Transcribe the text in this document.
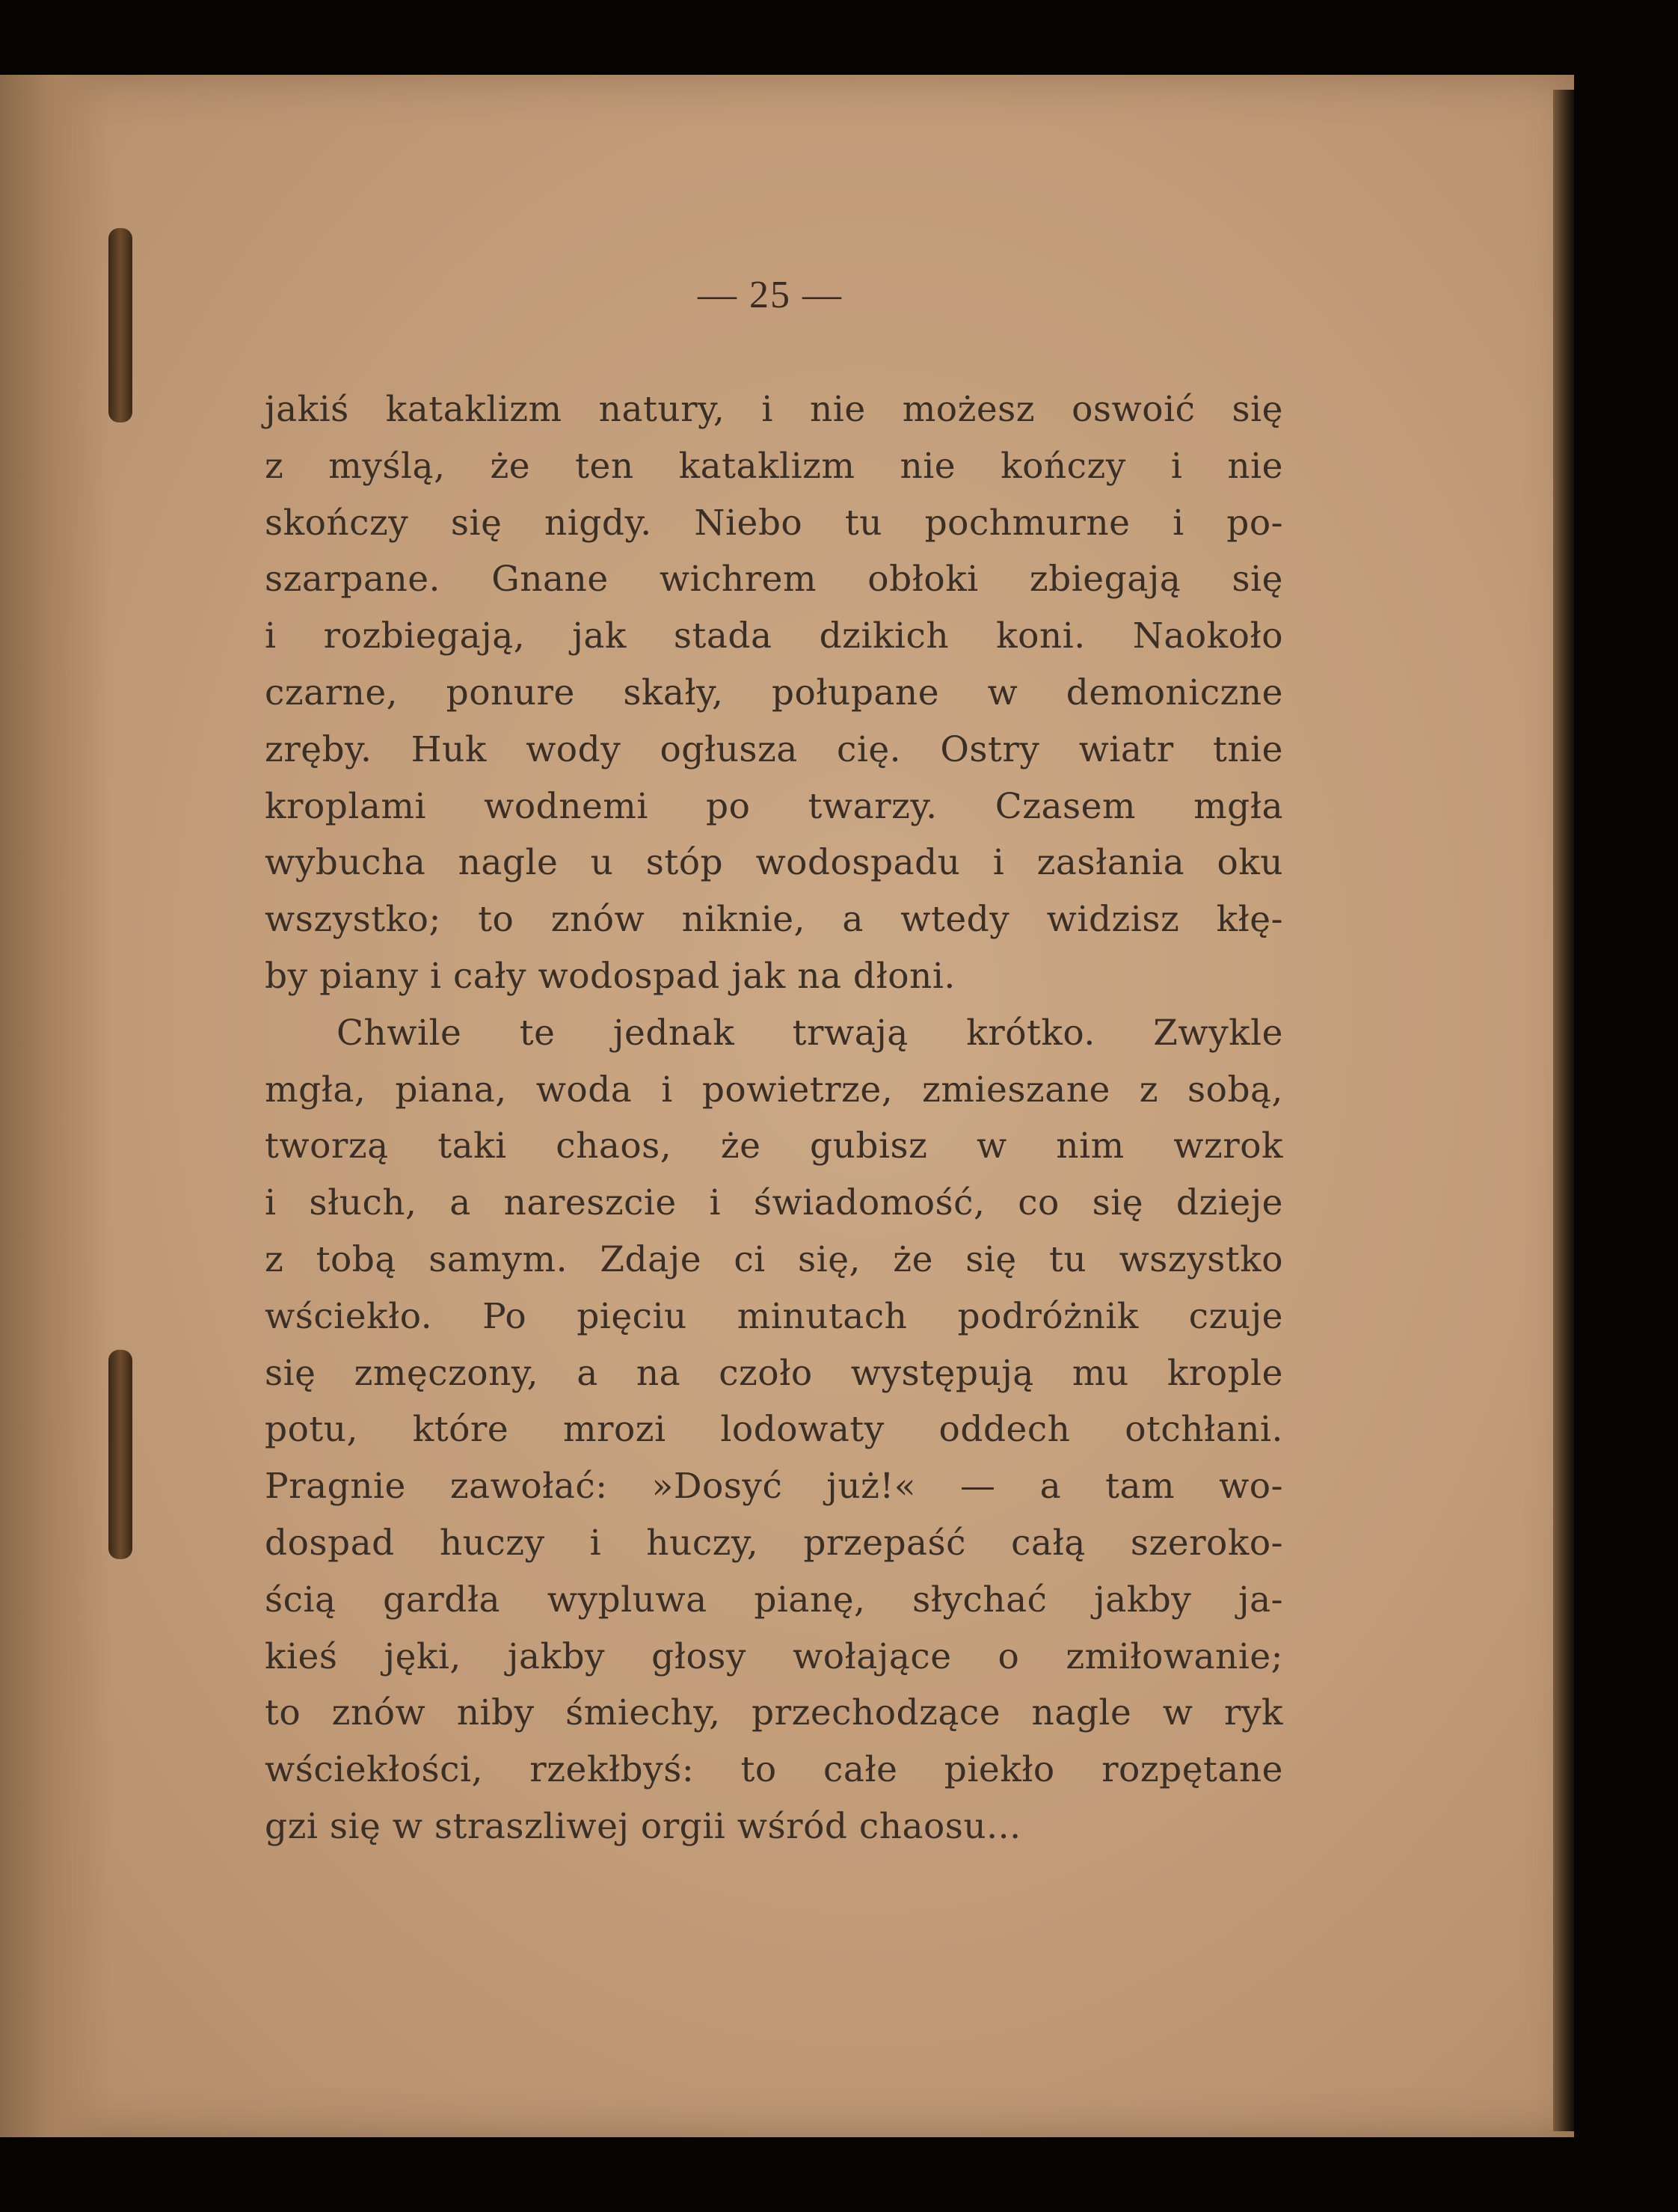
— 25 —
jakiś kataklizm natury, i nie możesz oswoić się
z myślą, że ten kataklizm nie kończy i nie
skończy się nigdy. Niebo tu pochmurne i po-
szarpane. Gnane wichrem obłoki zbiegają się
i rozbiegają, jak stada dzikich koni. Naokoło
czarne, ponure skały, połupane w demoniczne
zręby. Huk wody ogłusza cię. Ostry wiatr tnie
kroplami wodnemi po twarzy. Czasem mgła
wybucha nagle u stóp wodospadu i zasłania oku
wszystko; to znów niknie, a wtedy widzisz kłę-
by piany i cały wodospad jak na dłoni.
Chwile te jednak trwają krótko. Zwykle
mgła, piana, woda i powietrze, zmieszane z sobą,
tworzą taki chaos, że gubisz w nim wzrok
i słuch, a nareszcie i świadomość, co się dzieje
z tobą samym. Zdaje ci się, że się tu wszystko
wściekło. Po pięciu minutach podróżnik czuje
się zmęczony, a na czoło występują mu krople
potu, które mrozi lodowaty oddech otchłani.
Pragnie zawołać: »Dosyć już!« — a tam wo-
dospad huczy i huczy, przepaść całą szeroko-
ścią gardła wypluwa pianę, słychać jakby ja-
kieś jęki, jakby głosy wołające o zmiłowanie;
to znów niby śmiechy, przechodzące nagle w ryk
wściekłości, rzekłbyś: to całe piekło rozpętane
gzi się w straszliwej orgii wśród chaosu...
